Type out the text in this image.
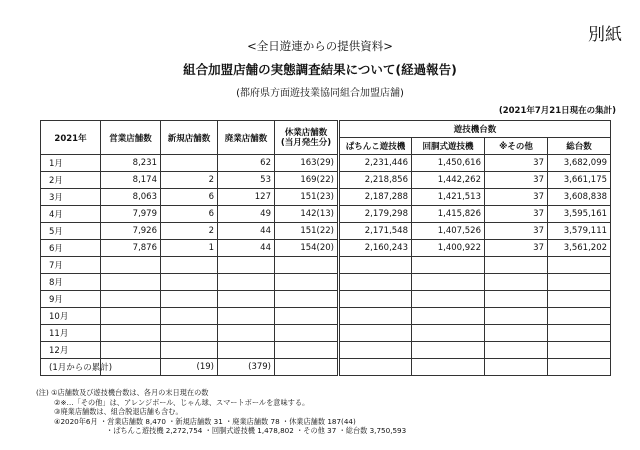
別紙
<全日遊連からの提供資料>
組合加盟店舗の実態調査結果について(経過報告)
(都府県方面遊技業協同組合加盟店舗)
(2021年7月21日現在の集計)
2021年	営業店舗数	新規店舗数	廃業店舗数	休業店舗数
(当月発生分)	遊技機台数			
					ぱちんこ遊技機	回胴式遊技機	※その他	総台数
1月	8,231		62	163(29)	2,231,446	1,450,616	37	3,682,099
2月	8,174	2	53	169(22)	2,218,856	1,442,262	37	3,661,175
3月	8,063	6	127	151(23)	2,187,288	1,421,513	37	3,608,838
4月	7,979	6	49	142(13)	2,179,298	1,415,826	37	3,595,161
5月	7,926	2	44	151(22)	2,171,548	1,407,526	37	3,579,111
6月	7,876	1	44	154(20)	2,160,243	1,400,922	37	3,561,202
7月								
8月								
9月								
10月								
11月								
12月								
(1月からの累計)		(19)	(379)					
(注) ①店舗数及び遊技機台数は、各月の末日現在の数
②※…「その他」は、アレンジボール、じゃん球、スマートボールを意味する。
③廃業店舗数は、組合脱退店舗も含む。
④2020年6月 ・営業店舗数 8,470 ・新規店舗数 31 ・廃業店舗数 78 ・休業店舗数 187(44)
・ぱちんこ遊技機 2,272,754 ・回胴式遊技機 1,478,802 ・その他 37 ・総台数 3,750,593
